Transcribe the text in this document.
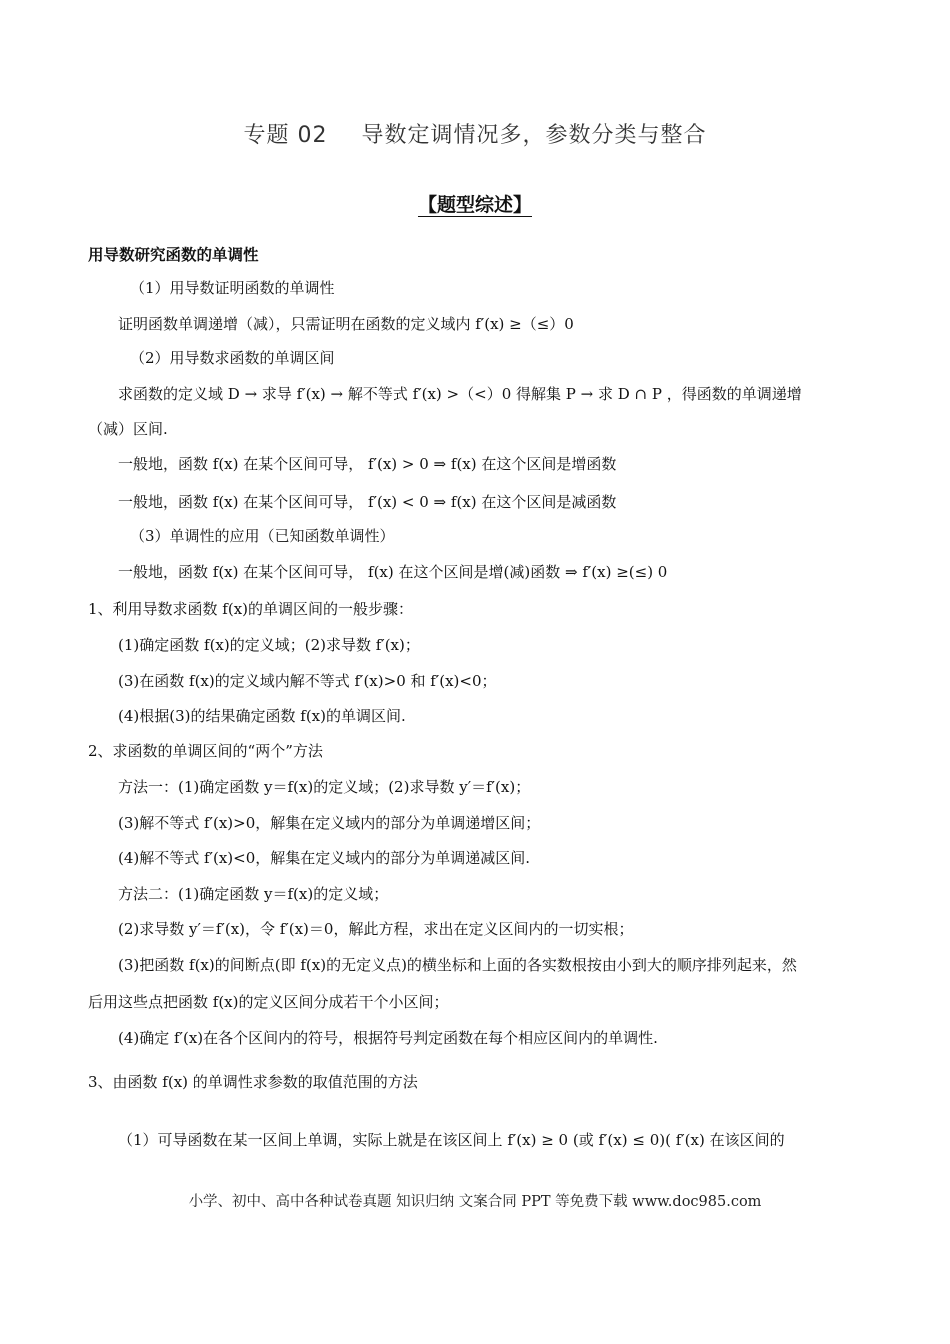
专题 02 导数定调情况多，参数分类与整合
【题型综述】
用导数研究函数的单调性
（1）用导数证明函数的单调性
证明函数单调递增（减），只需证明在函数的定义域内 f′(x) ≥（≤）0
（2）用导数求函数的单调区间
求函数的定义域 D → 求导 f′(x) → 解不等式 f′(x) >（<）0 得解集 P → 求 D ∩ P ，得函数的单调递增
（减）区间.
一般地，函数 f(x) 在某个区间可导， f′(x) > 0 ⇒ f(x) 在这个区间是增函数
一般地，函数 f(x) 在某个区间可导， f′(x) < 0 ⇒ f(x) 在这个区间是减函数
（3）单调性的应用（已知函数单调性）
一般地，函数 f(x) 在某个区间可导， f(x) 在这个区间是增(减)函数 ⇒ f′(x) ≥(≤) 0
1、利用导数求函数 f(x)的单调区间的一般步骤：
(1)确定函数 f(x)的定义域；(2)求导数 f′(x)；
(3)在函数 f(x)的定义域内解不等式 f′(x)>0 和 f′(x)<0；
(4)根据(3)的结果确定函数 f(x)的单调区间.
2、求函数的单调区间的“两个”方法
方法一：(1)确定函数 y＝f(x)的定义域；(2)求导数 y′＝f′(x)；
(3)解不等式 f′(x)>0，解集在定义域内的部分为单调递增区间；
(4)解不等式 f′(x)<0，解集在定义域内的部分为单调递减区间.
方法二：(1)确定函数 y＝f(x)的定义域；
(2)求导数 y′＝f′(x)，令 f′(x)＝0，解此方程，求出在定义区间内的一切实根；
(3)把函数 f(x)的间断点(即 f(x)的无定义点)的横坐标和上面的各实数根按由小到大的顺序排列起来，然
后用这些点把函数 f(x)的定义区间分成若干个小区间；
(4)确定 f′(x)在各个区间内的符号，根据符号判定函数在每个相应区间内的单调性.
3、由函数 f(x) 的单调性求参数的取值范围的方法
（1）可导函数在某一区间上单调，实际上就是在该区间上 f′(x) ≥ 0 (或 f′(x) ≤ 0)( f′(x) 在该区间的
小学、初中、高中各种试卷真题 知识归纳 文案合同 PPT 等免费下载 www.doc985.com
